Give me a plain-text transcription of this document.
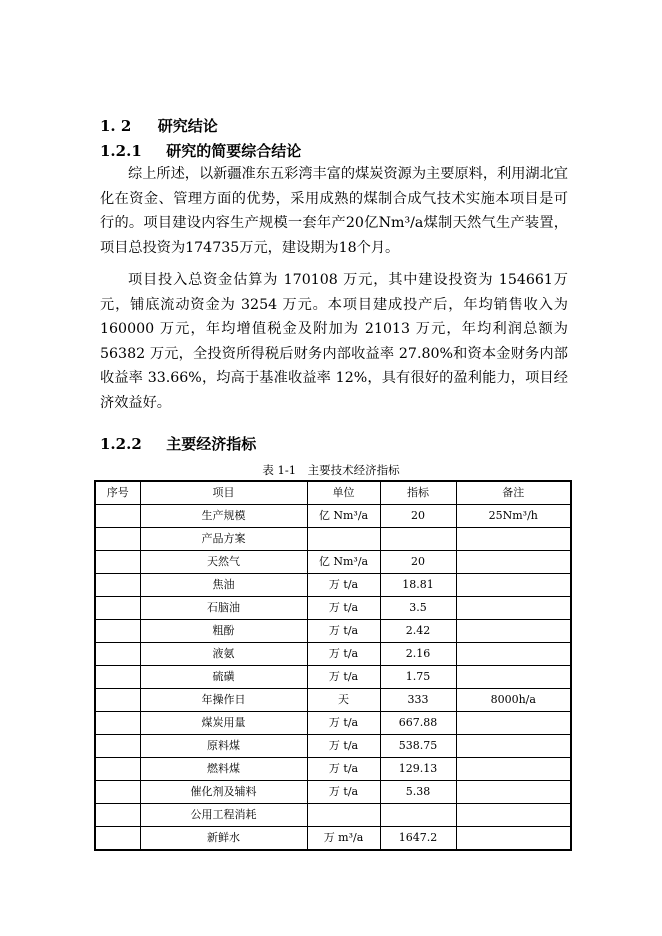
1. 2 研究结论
1.2.1 研究的简要综合结论

综上所述，以新疆准东五彩湾丰富的煤炭资源为主要原料，利用湖北宜化在资金、管理方面的优势，采用成熟的煤制合成气技术实施本项目是可行的。项目建设内容生产规模一套年产20亿Nm³/a煤制天然气生产装置，项目总投资为174735万元，建设期为18个月。

项目投入总资金估算为 170108 万元，其中建设投资为 154661万元，铺底流动资金为 3254 万元。本项目建成投产后，年均销售收入为 160000 万元，年均增值税金及附加为 21013 万元，年均利润总额为 56382 万元，全投资所得税后财务内部收益率 27.80%和资本金财务内部收益率 33.66%，均高于基准收益率 12%，具有很好的盈利能力，项目经济效益好。

1.2.2 主要经济指标
表 1-1　主要技术经济指标
序号	项目	单位	指标	备注
	生产规模	亿 Nm³/a	20	25Nm³/h
	产品方案			
	天然气	亿 Nm³/a	20	
	焦油	万 t/a	18.81	
	石脑油	万 t/a	3.5	
	粗酚	万 t/a	2.42	
	液氨	万 t/a	2.16	
	硫磺	万 t/a	1.75	
	年操作日	天	333	8000h/a
	煤炭用量	万 t/a	667.88	
	原料煤	万 t/a	538.75	
	燃料煤	万 t/a	129.13	
	催化剂及辅料	万 t/a	5.38	
	公用工程消耗			
	新鲜水	万 m³/a	1647.2	
